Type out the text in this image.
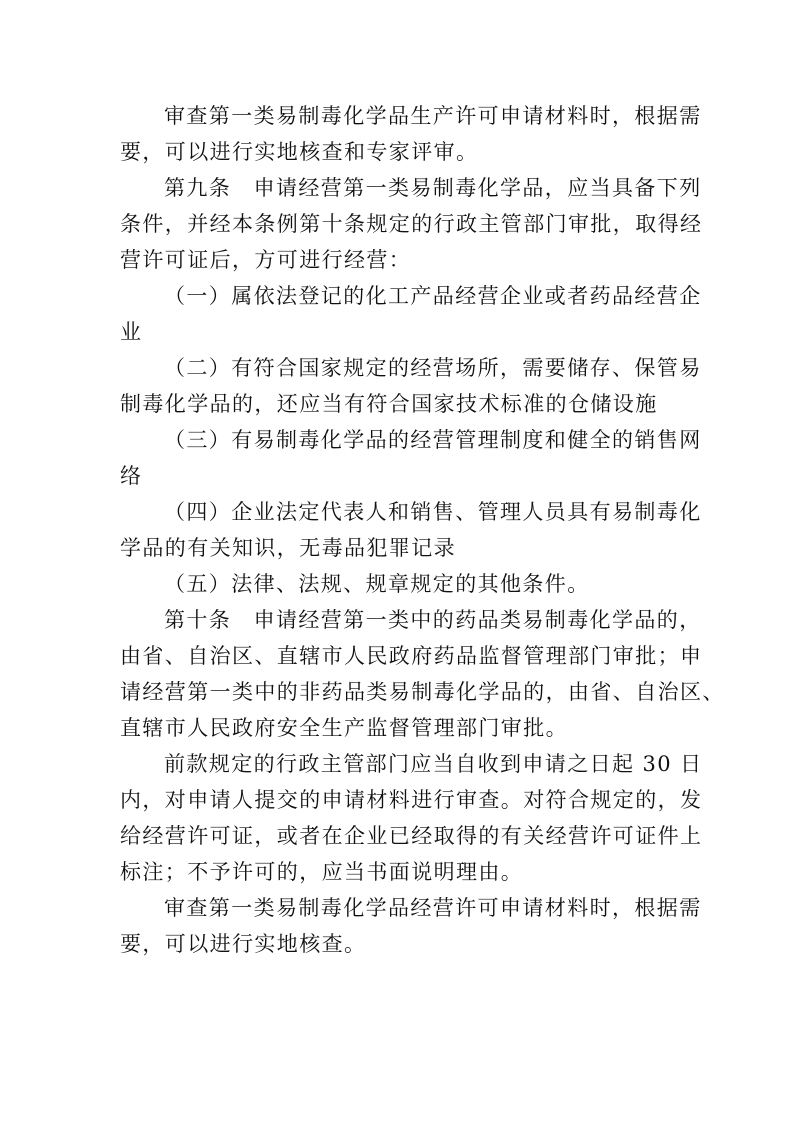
审查第一类易制毒化学品生产许可申请材料时，根据需
要，可以进行实地核查和专家评审。
第九条　申请经营第一类易制毒化学品，应当具备下列
条件，并经本条例第十条规定的行政主管部门审批，取得经
营许可证后，方可进行经营：
（一）属依法登记的化工产品经营企业或者药品经营企
业
（二）有符合国家规定的经营场所，需要储存、保管易
制毒化学品的，还应当有符合国家技术标准的仓储设施
（三）有易制毒化学品的经营管理制度和健全的销售网
络
（四）企业法定代表人和销售、管理人员具有易制毒化
学品的有关知识，无毒品犯罪记录
（五）法律、法规、规章规定的其他条件。
第十条　申请经营第一类中的药品类易制毒化学品的，
由省、自治区、直辖市人民政府药品监督管理部门审批；申
请经营第一类中的非药品类易制毒化学品的，由省、自治区、
直辖市人民政府安全生产监督管理部门审批。
前款规定的行政主管部门应当自收到申请之日起 30 日
内，对申请人提交的申请材料进行审查。对符合规定的，发
给经营许可证，或者在企业已经取得的有关经营许可证件上
标注；不予许可的，应当书面说明理由。
审查第一类易制毒化学品经营许可申请材料时，根据需
要，可以进行实地核查。
